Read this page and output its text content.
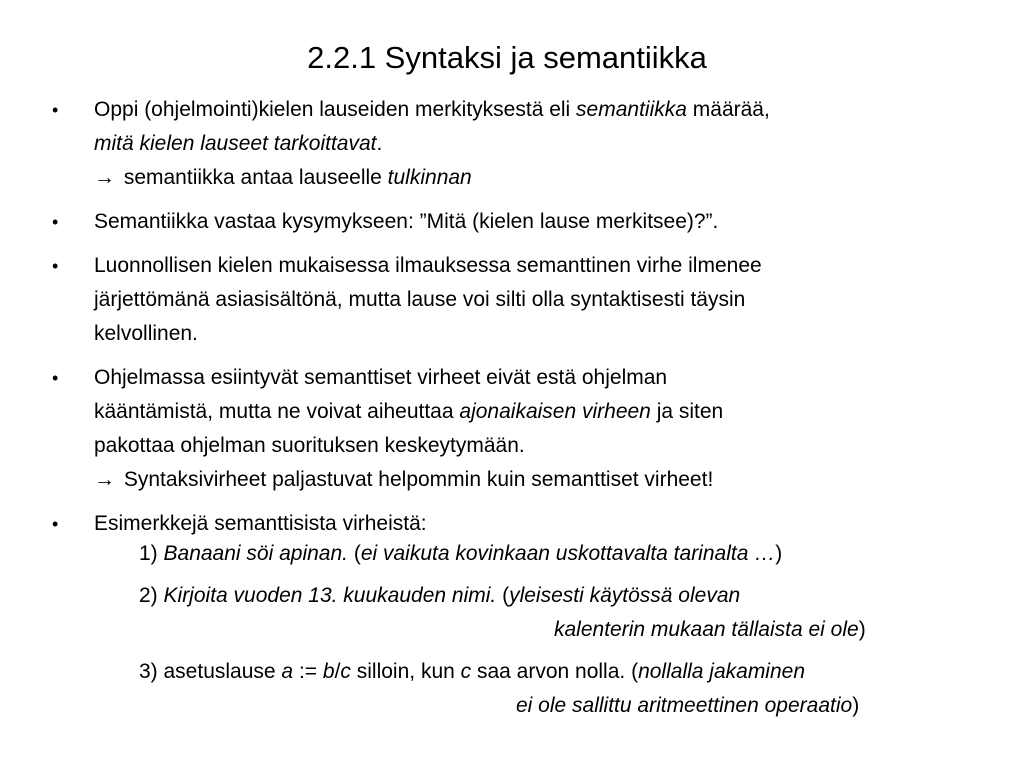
2.2.1 Syntaksi ja semantiikka
•	Oppi (ohjelmointi)kielen lauseiden merkityksestä eli semantiikka määrää,
mitä kielen lauseet tarkoittavat.
→ semantiikka antaa lauseelle tulkinnan
•	Semantiikka vastaa kysymykseen: ”Mitä (kielen lause merkitsee)?”.
•	Luonnollisen kielen mukaisessa ilmauksessa semanttinen virhe ilmenee
järjettömänä asiasisältönä, mutta lause voi silti olla syntaktisesti täysin
kelvollinen.
•	Ohjelmassa esiintyvät semanttiset virheet eivät estä ohjelman
kääntämistä, mutta ne voivat aiheuttaa ajonaikaisen virheen ja siten
pakottaa ohjelman suorituksen keskeytymään.
→ Syntaksivirheet paljastuvat helpommin kuin semanttiset virheet!
•	Esimerkkejä semanttisista virheistä:
1) Banaani söi apinan. (ei vaikuta kovinkaan uskottavalta tarinalta …)
2) Kirjoita vuoden 13. kuukauden nimi. (yleisesti käytössä olevan
kalenterin mukaan tällaista ei ole)
3) asetuslause a := b/c silloin, kun c saa arvon nolla. (nollalla jakaminen
ei ole sallittu aritmeettinen operaatio)
